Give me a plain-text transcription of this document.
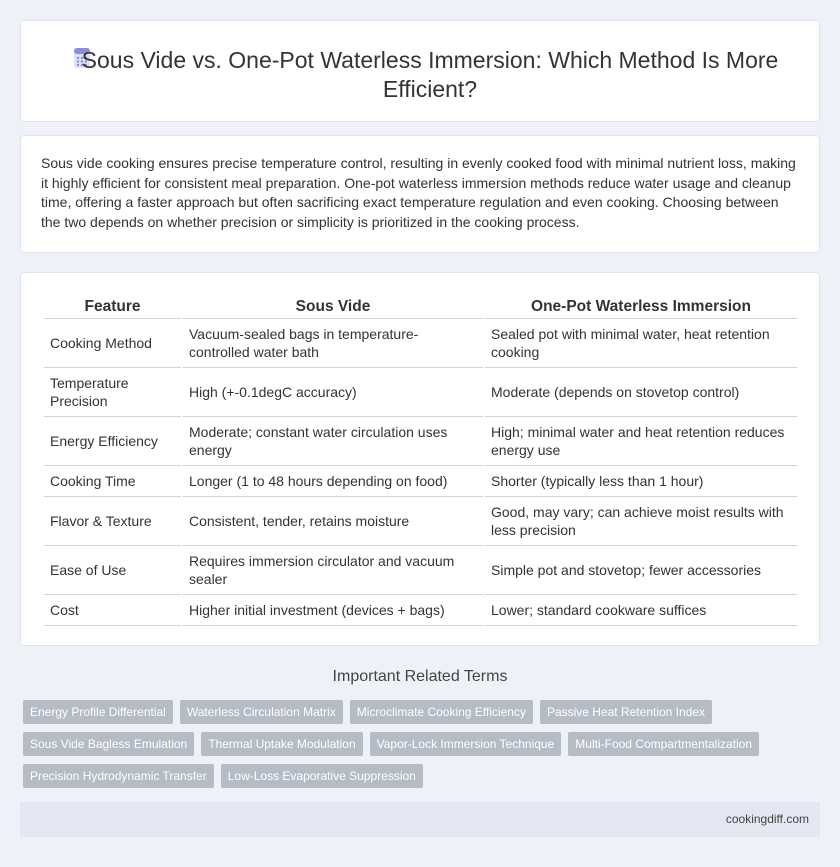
Sous Vide vs. One-Pot Waterless Immersion: Which Method Is More Efficient?

Sous vide cooking ensures precise temperature control, resulting in evenly cooked food with minimal nutrient loss, making it highly efficient for consistent meal preparation. One-pot waterless immersion methods reduce water usage and cleanup time, offering a faster approach but often sacrificing exact temperature regulation and even cooking. Choosing between the two depends on whether precision or simplicity is prioritized in the cooking process.

Feature	Sous Vide	One-Pot Waterless Immersion
Cooking Method	Vacuum-sealed bags in temperature-controlled water bath	Sealed pot with minimal water, heat retention cooking
Temperature Precision	High (+-0.1degC accuracy)	Moderate (depends on stovetop control)
Energy Efficiency	Moderate; constant water circulation uses energy	High; minimal water and heat retention reduces energy use
Cooking Time	Longer (1 to 48 hours depending on food)	Shorter (typically less than 1 hour)
Flavor & Texture	Consistent, tender, retains moisture	Good, may vary; can achieve moist results with less precision
Ease of Use	Requires immersion circulator and vacuum sealer	Simple pot and stovetop; fewer accessories
Cost	Higher initial investment (devices + bags)	Lower; standard cookware suffices
Important Related Terms
Energy Profile Differential	Waterless Circulation Matrix	Microclimate Cooking Efficiency	Passive Heat Retention Index
Sous Vide Bagless Emulation	Thermal Uptake Modulation	Vapor-Lock Immersion Technique	Multi-Food Compartmentalization
Precision Hydrodynamic Transfer	Low-Loss Evaporative Suppression
cookingdiff.com
